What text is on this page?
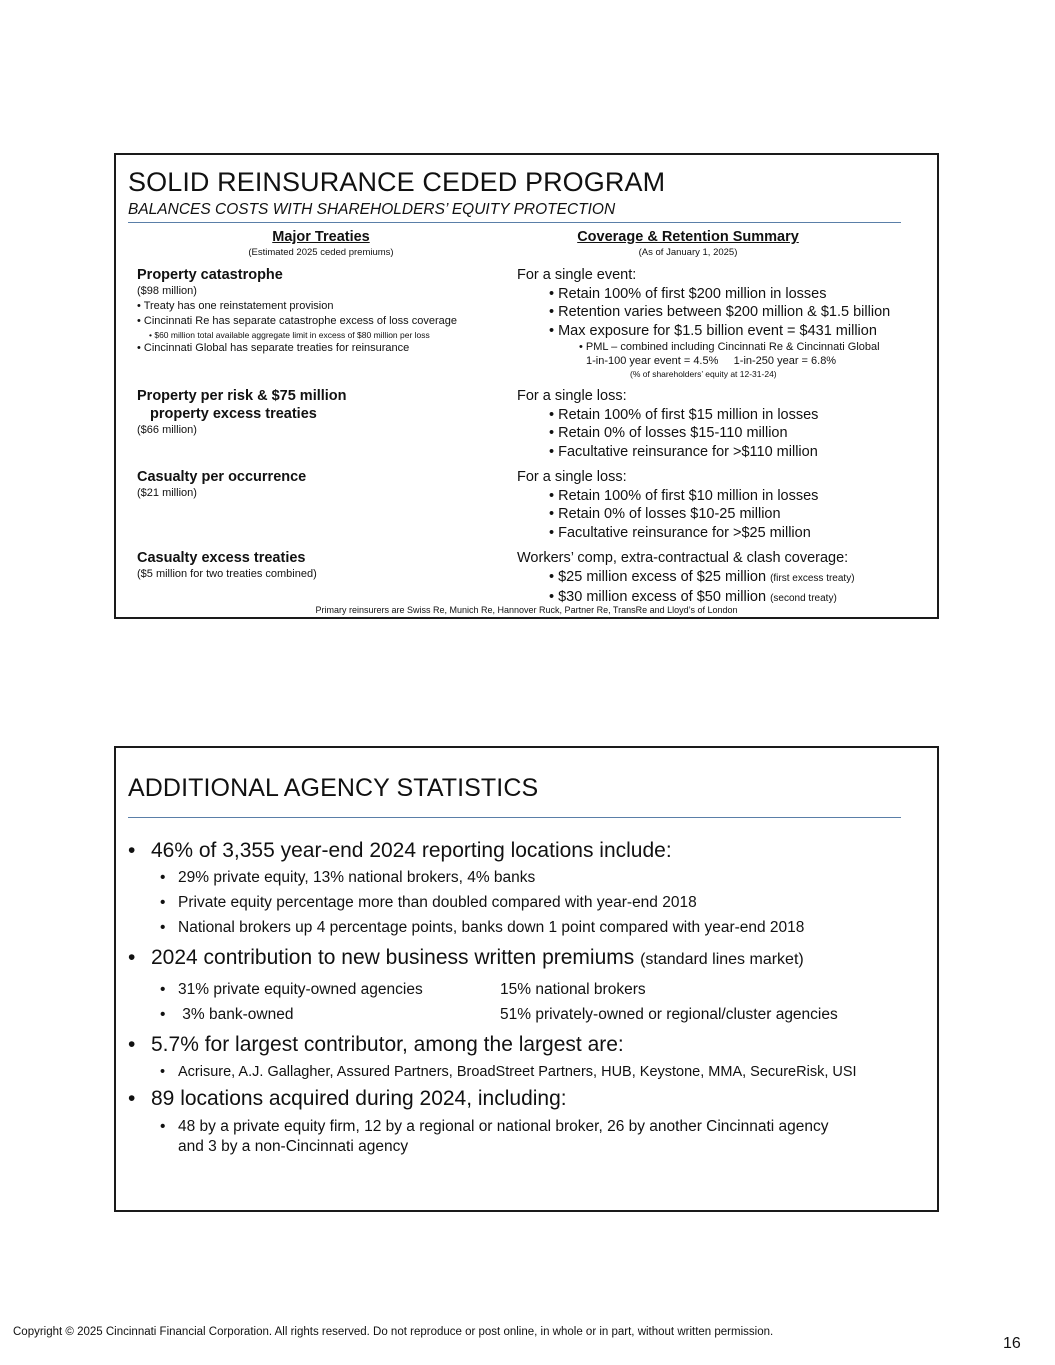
SOLID REINSURANCE CEDED PROGRAM
BALANCES COSTS WITH SHAREHOLDERS’ EQUITY PROTECTION
Major Treaties
(Estimated 2025 ceded premiums)
Coverage & Retention Summary
(As of January 1, 2025)
Property catastrophe
($98 million)
• Treaty has one reinstatement provision
• Cincinnati Re has separate catastrophe excess of loss coverage
• $60 million total available aggregate limit in excess of $80 million per loss
• Cincinnati Global has separate treaties for reinsurance
Property per risk & $75 million
property excess treaties
($66 million)
Casualty per occurrence
($21 million)
Casualty excess treaties
($5 million for two treaties combined)
For a single event:
• Retain 100% of first $200 million in losses
• Retention varies between $200 million & $1.5 billion
• Max exposure for $1.5 billion event = $431 million
• PML – combined including Cincinnati Re & Cincinnati Global
1-in-100 year event = 4.5%     1-in-250 year = 6.8%
(% of shareholders’ equity at 12-31-24)
For a single loss:
• Retain 100% of first $15 million in losses
• Retain 0% of losses $15-110 million
• Facultative reinsurance for >$110 million
For a single loss:
• Retain 100% of first $10 million in losses
• Retain 0% of losses $10-25 million
• Facultative reinsurance for >$25 million
Workers’ comp, extra-contractual & clash coverage:
• $25 million excess of $25 million (first excess treaty)
• $30 million excess of $50 million (second treaty)
Primary reinsurers are Swiss Re, Munich Re, Hannover Ruck, Partner Re, TransRe and Lloyd’s of London
ADDITIONAL AGENCY STATISTICS
• 46% of 3,355 year-end 2024 reporting locations include:
• 29% private equity, 13% national brokers, 4% banks
• Private equity percentage more than doubled compared with year-end 2018
• National brokers up 4 percentage points, banks down 1 point compared with year-end 2018
• 2024 contribution to new business written premiums (standard lines market)
• 31% private equity-owned agencies	15% national brokers
• 3% bank-owned	51% privately-owned or regional/cluster agencies
• 5.7% for largest contributor, among the largest are:
• Acrisure, A.J. Gallagher, Assured Partners, BroadStreet Partners, HUB, Keystone, MMA, SecureRisk, USI
• 89 locations acquired during 2024, including:
• 48 by a private equity firm, 12 by a regional or national broker, 26 by another Cincinnati agency
and 3 by a non-Cincinnati agency
Copyright © 2025 Cincinnati Financial Corporation. All rights reserved. Do not reproduce or post online, in whole or in part, without written permission.
16
